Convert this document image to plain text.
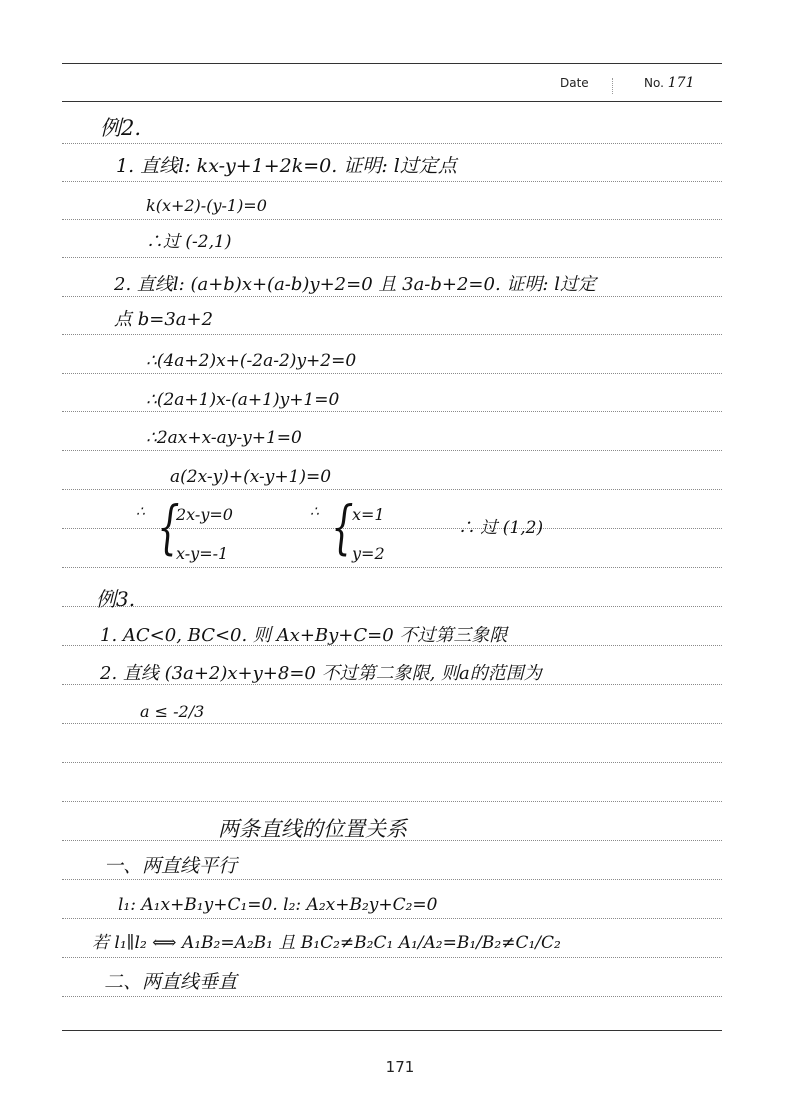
Date	No. 171
例2.
1. 直线l: kx-y+1+2k=0. 证明: l过定点
k(x+2)-(y-1)=0
∴过 (-2,1)
2. 直线l: (a+b)x+(a-b)y+2=0 且 3a-b+2=0. 证明: l过定
点 b=3a+2
∴(4a+2)x+(-2a-2)y+2=0
∴(2a+1)x-(a+1)y+1=0
∴2ax+x-ay-y+1=0
a(2x-y)+(x-y+1)=0
∴ {
2x-y=0
x-y=-1
∴ {
x=1
y=2
∴ 过 (1,2)
例3.
1. AC<0, BC<0. 则 Ax+By+C=0 不过第三象限
2. 直线 (3a+2)x+y+8=0 不过第二象限, 则a的范围为
a ≤ -2/3
两条直线的位置关系
一、两直线平行
l₁: A₁x+B₁y+C₁=0. l₂: A₂x+B₂y+C₂=0
若 l₁∥l₂ ⟺ A₁B₂=A₂B₁ 且 B₁C₂≠B₂C₁ A₁/A₂=B₁/B₂≠C₁/C₂
二、两直线垂直
171
